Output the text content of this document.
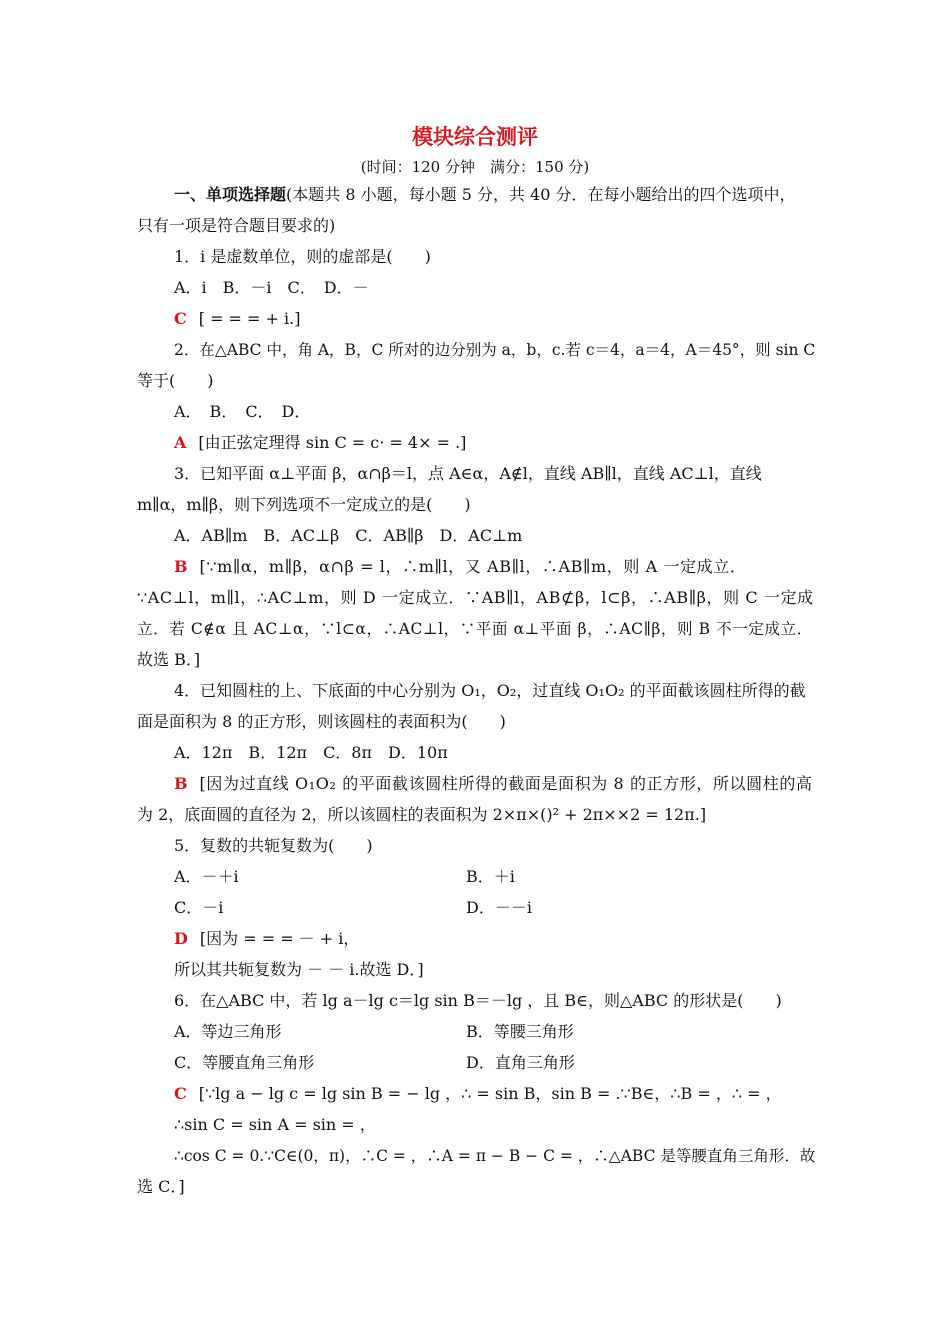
模块综合测评
(时间：120 分钟　满分：150 分)
一、单项选择题(本题共 8 小题，每小题 5 分，共 40 分．在每小题给出的四个选项中，
只有一项是符合题目要求的)
1．i 是虚数单位，则的虚部是(　　)
A．i　B．－i　C．　D．－
C [ = = = + i.]
2．在△ABC 中，角 A，B，C 所对的边分别为 a，b，c.若 c＝4，a＝4，A＝45°，则 sin C
等于(　　)
A．　B．　C．　D．
A [由正弦定理得 sin C = c· = 4× = .]
3．已知平面 α⊥平面 β，α∩β＝l，点 A∈α，A∉l，直线 AB∥l，直线 AC⊥l，直线
m∥α，m∥β，则下列选项不一定成立的是(　　)
A．AB∥m　B．AC⊥β　C．AB∥β　D．AC⊥m
B [∵m∥α，m∥β，α∩β = l，∴m∥l，又 AB∥l，∴AB∥m，则 A 一定成立．
∵AC⊥l，m∥l，∴AC⊥m，则 D 一定成立．∵AB∥l，AB⊄β，l⊂β，∴AB∥β，则 C 一定成
立．若 C∉α 且 AC⊥α，∵l⊂α，∴AC⊥l，∵平面 α⊥平面 β，∴AC∥β，则 B 不一定成立．
故选 B．]
4．已知圆柱的上、下底面的中心分别为 O₁，O₂，过直线 O₁O₂ 的平面截该圆柱所得的截
面是面积为 8 的正方形，则该圆柱的表面积为(　　)
A．12π　B．12π　C．8π　D．10π
B [因为过直线 O₁O₂ 的平面截该圆柱所得的截面是面积为 8 的正方形，所以圆柱的高
为 2，底面圆的直径为 2，所以该圆柱的表面积为 2×π×()² + 2π××2 = 12π.]
5．复数的共轭复数为(　　)
A．－＋i	B．＋i
C．－i	D．－－i
D [因为 = = = － + i，
所以其共轭复数为 － － i.故选 D．]
6．在△ABC 中，若 lg a－lg c＝lg sin B＝－lg ，且 B∈，则△ABC 的形状是(　　)
A．等边三角形	B．等腰三角形
C．等腰直角三角形	D．直角三角形
C [∵lg a − lg c = lg sin B = − lg ，∴ = sin B，sin B = .∵B∈，∴B = ，∴ = ，
∴sin C = sin A = sin = ，
∴cos C = 0.∵C∈(0，π)，∴C = ，∴A = π − B − C = ，∴△ABC 是等腰直角三角形．故
选 C．]
